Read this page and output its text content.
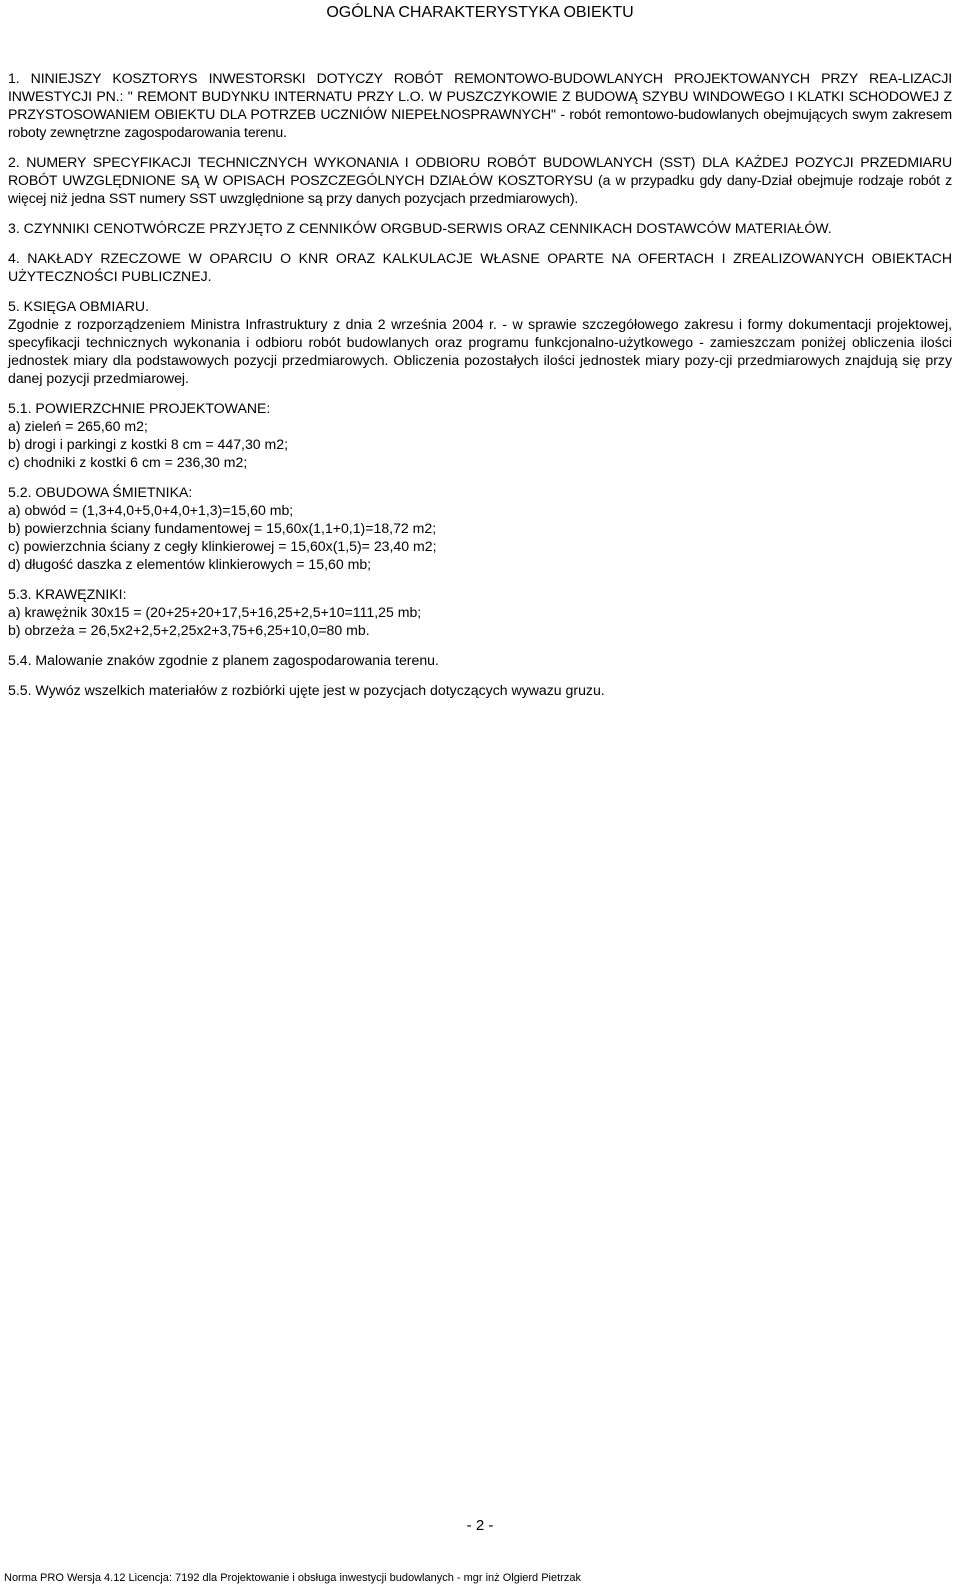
OGÓLNA CHARAKTERYSTYKA OBIEKTU

1. NINIEJSZY KOSZTORYS INWESTORSKI DOTYCZY ROBÓT REMONTOWO-BUDOWLANYCH PROJEKTOWANYCH PRZY REA-LIZACJI INWESTYCJI PN.: " REMONT BUDYNKU INTERNATU PRZY L.O. W PUSZCZYKOWIE Z BUDOWĄ SZYBU WINDOWEGO I KLATKI SCHODOWEJ Z PRZYSTOSOWANIEM OBIEKTU DLA POTRZEB UCZNIÓW NIEPEŁNOSPRAWNYCH" - robót remontowo-budowlanych obejmujących swym zakresem roboty zewnętrzne zagospodarowania terenu.

2. NUMERY SPECYFIKACJI TECHNICZNYCH WYKONANIA I ODBIORU ROBÓT BUDOWLANYCH (SST) DLA KAŻDEJ POZYCJI PRZEDMIARU ROBÓT UWZGLĘDNIONE SĄ W OPISACH POSZCZEGÓLNYCH DZIAŁÓW KOSZTORYSU (a w przypadku gdy dany-Dział obejmuje rodzaje robót z więcej niż jedna SST numery SST uwzględnione są przy danych pozycjach przedmiarowych).

3. CZYNNIKI CENOTWÓRCZE PRZYJĘTO Z CENNIKÓW ORGBUD-SERWIS ORAZ CENNIKACH DOSTAWCÓW MATERIAŁÓW.

4. NAKŁADY RZECZOWE W OPARCIU O KNR ORAZ KALKULACJE WŁASNE OPARTE NA OFERTACH I ZREALIZOWANYCH OBIEKTACH UŻYTECZNOŚCI PUBLICZNEJ.

5. KSIĘGA OBMIARU.

Zgodnie z rozporządzeniem Ministra Infrastruktury z dnia 2 września 2004 r. - w sprawie szczegółowego zakresu i formy dokumentacji projektowej, specyfikacji technicznych wykonania i odbioru robót budowlanych oraz programu funkcjonalno-użytkowego - zamieszczam poniżej obliczenia ilości jednostek miary dla podstawowych pozycji przedmiarowych. Obliczenia pozostałych ilości jednostek miary pozy-cji przedmiarowych znajdują się przy danej pozycji przedmiarowej.

5.1. POWIERZCHNIE PROJEKTOWANE:
a) zieleń = 265,60 m2;
b) drogi i parkingi z kostki 8 cm = 447,30 m2;
c) chodniki z kostki 6 cm = 236,30 m2;
5.2. OBUDOWA ŚMIETNIKA:
a) obwód = (1,3+4,0+5,0+4,0+1,3)=15,60 mb;
b) powierzchnia ściany fundamentowej = 15,60x(1,1+0,1)=18,72 m2;
c) powierzchnia ściany z cegły klinkierowej = 15,60x(1,5)= 23,40 m2;
d) długość daszka z elementów klinkierowych = 15,60 mb;
5.3. KRAWĘZNIKI:
a) krawężnik 30x15 = (20+25+20+17,5+16,25+2,5+10=111,25 mb;
b) obrzeża = 26,5x2+2,5+2,25x2+3,75+6,25+10,0=80 mb.
5.4. Malowanie znaków zgodnie z planem zagospodarowania terenu.
5.5. Wywóz wszelkich materiałów z rozbiórki ujęte jest w pozycjach dotyczących wywazu gruzu.
- 2 -
Norma PRO Wersja 4.12 Licencja: 7192 dla Projektowanie i obsługa inwestycji budowlanych - mgr inż Olgierd Pietrzak
